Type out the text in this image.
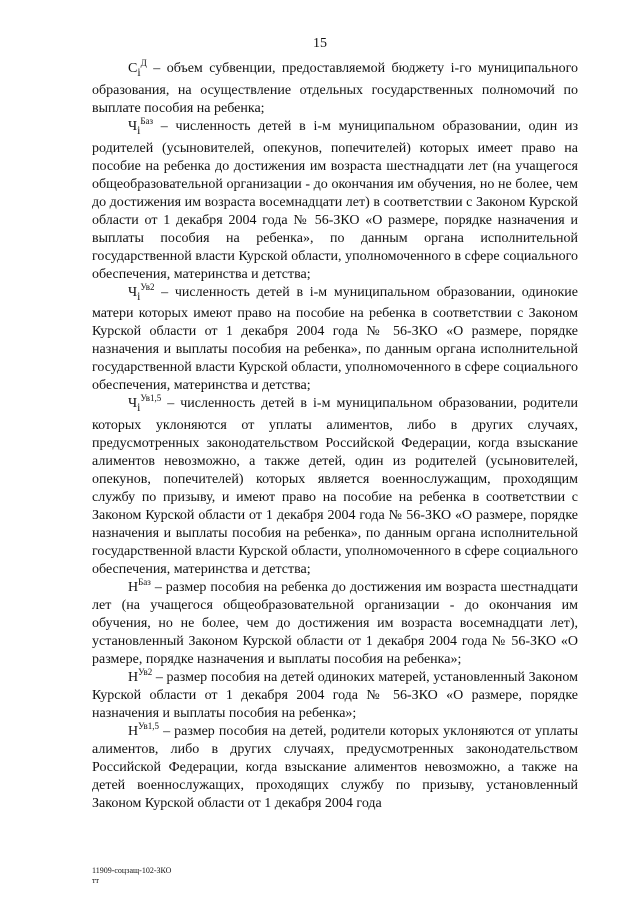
15

$С_i^Д$ – объем субвенции, предоставляемой бюджету i-го муниципального образования, на осуществление отдельных государственных полномочий по выплате пособия на ребенка;

$Ч_i^{Баз}$ – численность детей в i-м муниципальном образовании, один из родителей (усыновителей, опекунов, попечителей) которых имеет право на пособие на ребенка до достижения им возраста шестнадцати лет (на учащегося общеобразовательной организации - до окончания им обучения, но не более, чем до достижения им возраста восемнадцати лет) в соответствии с Законом Курской области от 1 декабря 2004 года № 56-ЗКО «О размере, порядке назначения и выплаты пособия на ребенка», по данным органа исполнительной государственной власти Курской области, уполномоченного в сфере социального обеспечения, материнства и детства;

$Ч_i^{Ув2}$ – численность детей в i-м муниципальном образовании, одинокие матери которых имеют право на пособие на ребенка в соответствии с Законом Курской области от 1 декабря 2004 года № 56-ЗКО «О размере, порядке назначения и выплаты пособия на ребенка», по данным органа исполнительной государственной власти Курской области, уполномоченного в сфере социального обеспечения, материнства и детства;

$Ч_i^{Ув1,5}$ – численность детей в i-м муниципальном образовании, родители которых уклоняются от уплаты алиментов, либо в других случаях, предусмотренных законодательством Российской Федерации, когда взыскание алиментов невозможно, а также детей, один из родителей (усыновителей, опекунов, попечителей) которых является военнослужащим, проходящим службу по призыву, и имеют право на пособие на ребенка в соответствии с Законом Курской области от 1 декабря 2004 года № 56-ЗКО «О размере, порядке назначения и выплаты пособия на ребенка», по данным органа исполнительной государственной власти Курской области, уполномоченного в сфере социального обеспечения, материнства и детства;

$Н^{Баз}$ – размер пособия на ребенка до достижения им возраста шестнадцати лет (на учащегося общеобразовательной организации - до окончания им обучения, но не более, чем до достижения им возраста восемнадцати лет), установленный Законом Курской области от 1 декабря 2004 года № 56-ЗКО «О размере, порядке назначения и выплаты пособия на ребенка»;

$Н^{Ув2}$ – размер пособия на детей одиноких матерей, установленный Законом Курской области от 1 декабря 2004 года № 56-ЗКО «О размере, порядке назначения и выплаты пособия на ребенка»;

$Н^{Ув1,5}$ – размер пособия на детей, родители которых уклоняются от уплаты алиментов, либо в других случаях, предусмотренных законодательством Российской Федерации, когда взыскание алиментов невозможно, а также на детей военнослужащих, проходящих службу по призыву, установленный Законом Курской области от 1 декабря 2004 года

11909-соцзащ-102-ЗКО
тт
